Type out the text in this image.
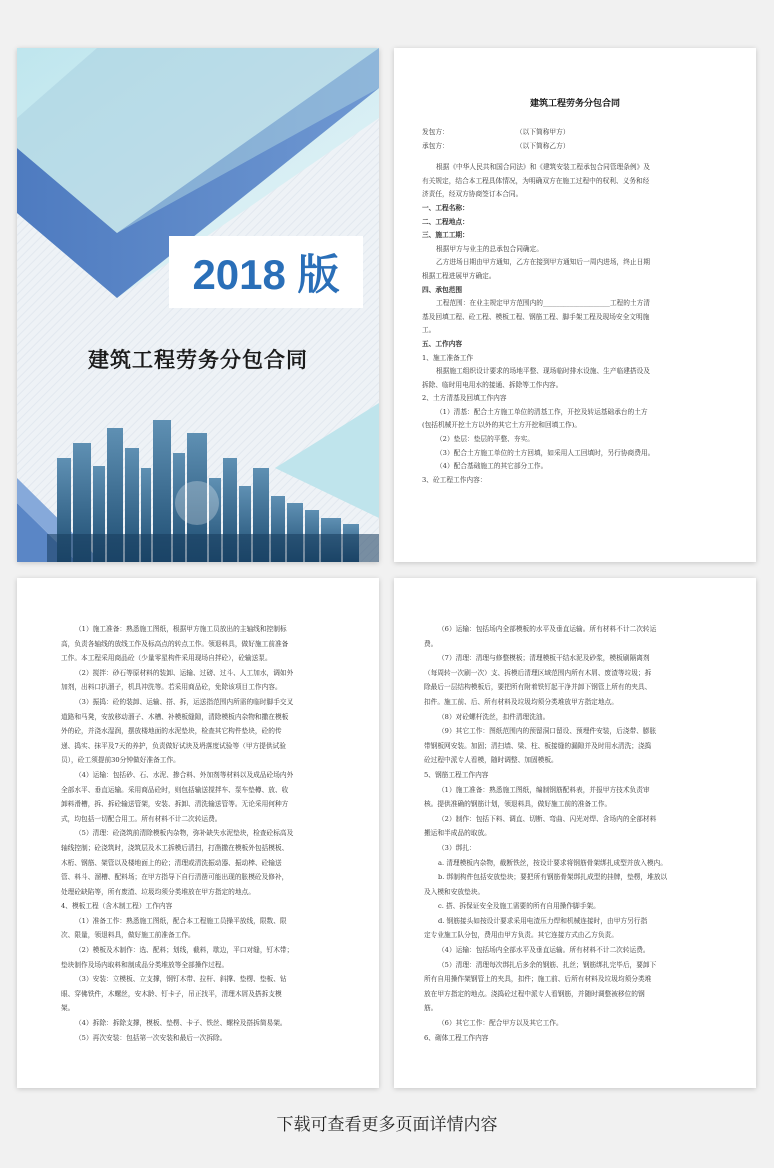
2018 版
建筑工程劳务分包合同
建筑工程劳务分包合同
发包方：	（以下简称甲方）
承包方：	（以下简称乙方）

根据《中华人民共和国合同法》和《建筑安装工程承包合同管理条例》及

有关规定，结合本工程具体情况，为明确双方在施工过程中的权利、义务和经

济责任，经双方协商签订本合同。

一、工程名称：

二、工程地点：

三、施工工期：

根据甲方与业主的总承包合同确定。

乙方进场日期由甲方通知，乙方在接到甲方通知后一周内进场，终止日期

根据工程进展甲方确定。

四、承包范围

工程范围：在业主规定甲方范围内的____________________工程的土方清

基及回填工程、砼工程、模板工程、钢筋工程、脚手架工程及现场安全文明施

工。

五、工作内容

1、施工准备工作

根据施工组织设计要求的场地平整、现场临时排水设施、生产临建搭设及

拆除、临时用电用水的接通、拆除等工作内容。

2、土方清基及回填工作内容

（1）清基：配合土方施工单位的清基工作，开挖及转运基础承台的土方

(包括机械开挖土方以外的其它土方开挖和回填工作)。

（2）垫层：垫层的平整、夯实。

（3）配合土方施工单位的土方回填，如采用人工回填时，另行协商费用。

（4）配合基础施工的其它部分工作。

3、砼工程工作内容：

（1）施工准备：熟悉施工图纸，根据甲方施工员放出的主轴线和控制标

高，负责各轴线的放线工作及标高点的转点工作。领退料具，做好施工前准备

工作。本工程采用商品砼（少量零星构件采用现场自拌砼），砼输送泵。

（2）搅拌：砂石等原材料的装卸、运输、过磅、过斗、人工加水，调如外

加剂，出料口扒溜子，机具冲洗等。若采用商品砼，免除该项目工作内容。

（3）振捣：砼的装卸、运输、搭、拆，运送指范围内所需的临时脚手交叉

道路和马凳，安放移动溜子、木槽、补模板缝隙，清除模板内杂物和撒在模板

外的砼，并浇水湿润，摆放楼地面的水泥垫块，检查其它构件垫块，砼的传

递、捣实、抹平及7天的养护，负责做好试块及坍落度试验等（甲方提供试验

员），砼工须提前30分钟做好准备工作。

（4）运输：包括砂、石、水泥、掺合料、外加剂等材料以及成品砼场内外

全部水平、垂直运输。采用商品砼时，则包括输送搅拌车、泵车垫樽、放、收

卸料滑槽，拆、拆砼输送管架，安装、拆卸、清洗输送管等。无论采用何种方

式，均包括一切配合用工。所有材料不计二次转运费。

（5）清理：砼浇筑前清除模板内杂物，弥补缺失水泥垫块，检查砼标高及

轴线控制；砼浇筑时，浇筑层及木工拆模后清扫，打凿撒在模板外包括模板、

木桁、钢筋、架管以及楼地面上的砼；清理或清洗振动器、振动棒、砼输送

管、料斗、溜槽、配料场；在甲方指导下自行清凿可能出现的胀模砼及修补，

处理砼缺陷等，所有废渣、垃圾均须分类堆放在甲方指定的地点。

4、模板工程（含木制工程）工作内容

（1）准备工作：熟悉施工图纸，配合本工程施工员操平放线，限数、限

次、限量，领退料具，做好施工前准备工作。

（2）模板及木制作：选、配料；划线，截料，歇边，平口对缝，钉木带；

垫块制作及场内取料和制成品分类堆放等全部操作过程。

（3）安装：立模板、立支撑，钢钉木带、拉杆、斜撑、垫楞、垫板、钻

眼、穿佛铁件，木螺丝，安木龄、钉卡子，吊正找平，清理木屑及搭拆支模

架。

（4）拆除：拆除支撑，模板、垫楞、卡子、铁丝、螺栓及搭拆简易架。

（5）再次安装：包括第一次安装和最后一次拆除。

（6）运输：包括场内全部模板的水平及垂直运输。所有材料不计二次转运

费。

（7）清理：清理与修整模板；清理模板干结水泥及砂浆，模板刷隔离剂

（每周转一次刷一次）支、拆模后清理区域范围内所有木屑、废渣等垃圾；拆

除最后一层结构模板后，要把所有附着铁钉起干净并卸下钢管上所有的夹具、

扣件。施工前、后、所有材料及垃圾均须分类堆放甲方指定地点。

（8）对砼螺杆洗丝，扣件清理洗油。

（9）其它工作：图纸范围内的预留洞口留设、预埋件安装，后浇带、膨胀

带钢板网安装。加固；清扫墙、梁、柱、板接缝的漏隙并及时用水清洗；浇捣

砼过程中派专人看模，随时调整、加固模板。

5、钢筋工程工作内容

（1）施工准备：熟悉施工图纸，编制钢筋配料表，并报甲方技术负责审

核。提供准确的钢筋计划，领退料具，做好施工前的准备工作。

（2）制作：包括下料、调直、切断、弯曲、闪光对焊、含场内的全部材料

搬运和半成品的取放。

（3）绑扎：

a. 清理模板内杂物，截断铁丝，按设计要求将钢筋骨架绑扎成型并放入模内。

b. 绑制构件包括安放垫块；要把所有钢筋骨架绑扎成型的挂牌，垫楞，堆放以

及入模和安放垫块。

c. 搭、拆保证安全及施工需要的所有自用操作脚手架。

d. 钢筋接头如按设计要求采用电渣压力焊和机械连接时，由甲方另行指

定专业施工队分包，费用由甲方负责。其它连接方式由乙方负责。

（4）运输：包括场内全部水平及垂直运输。所有材料不计二次转运费。

（5）清理：清理每次绑扎后多余的钢筋、扎丝；钢筋绑扎完毕后，要卸下

所有自用操作架钢管上的夹具，扣件；施工前、后所有材料及垃圾均须分类堆

放在甲方指定的地点。浇捣砼过程中派专人看钢筋，并随时调整被移位的钢

筋。

（6）其它工作：配合甲方以及其它工作。

6、砌体工程工作内容

下载可查看更多页面详情内容
